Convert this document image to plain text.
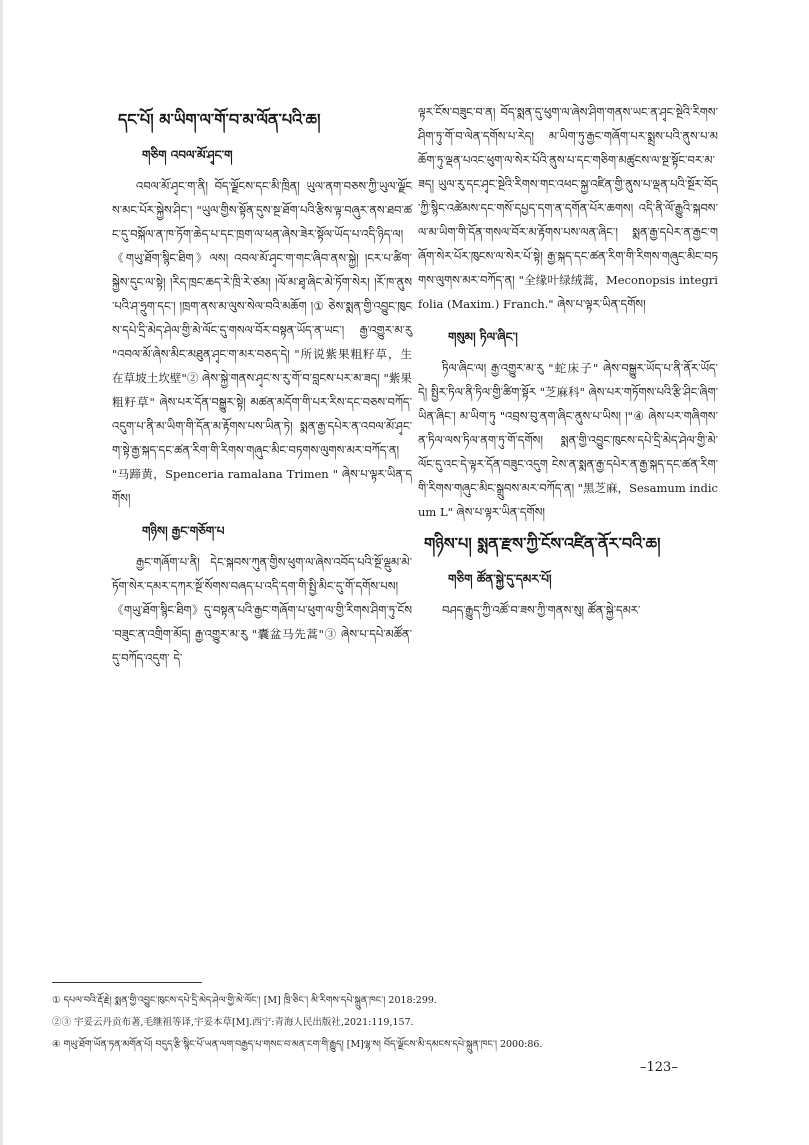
དང་པོ། མ་ཡིག་ལ་གོ་བ་མ་ལོན་པའི་ཆ།
གཅིག འབལ་མོ་ཤྭང་ག

འབལ་མོ་ཤྭང་ག་ནི། བོད་ལྗོངས་དང་མི་ཁྲིན། ཡུལ་ནག་བཅས་ཀྱི་ཡུལ་ལྗོངས་མང་པོར་སྐྱེས་ཤིང་། "ཡུལ་གྱིས་སྟོན་དུས་སྔ་ཐོག་པའི་རྩིས་ལྟ་བཞུར་ནས་ཐབ་ཚང་དུ་བསྐོལ་ན་ཁ་ཏོག་ཆེད་པ་དང་ཁྲག་ལ་ཕན་ཞེས་ཟེར་སྟོལ་ཡོད་པ་འདི་ཉིད་ལ། 《གཡུ་ཐོག་སྙིང་ཐིག》ལས། འབལ་མོ་ཤྭང་ག་གང་ཞིབ་ནས་སྐྱེ། །ངར་པ་ཚིག་སྐྱེས་དུང་ལ་སྟེ། །རིད་ཁྲང་ཆད་རེ་ཁྲི་རེ་ཙམ། །ལོ་མ་ཐྭ་ཞིང་མེ་ཏོག་སེར། །རོ་ཁ་ནུས་པའི་ཤ་ཧྲུག་དང་། །ཁྲག་ནས་མ་ལུས་སེལ་བའི་མཆོག །① ཅེས་སྨན་གྱི་འབྱུང་ཁུངས་དཔེ་དྲི་མེད་ཤེལ་གྱི་མེ་ལོང་དུ་གསལ་བོར་བསྟན་ཡོད་ན་ཡང་། རྒྱ་འགྱུར་མ་རུ "འབལ་མོ་ཞེས་མིང་མཐུན་ཤྭང་ག་མར་བཅད་དེ། "所说紫果粗籽草，生在草坡土坎壁"② ཞེས་སྐྱེ་གནས་ཤྭང་ས་རུ་གོ་བ་བླངས་པར་མ་ཟད། "紫果粗籽草" ཞེས་པར་དོན་བསྒྱུར་སྟེ། མཚན་མདོག་གི་པར་རིས་དང་བཅས་བཀོད་འདུག་པ་ནི་མ་ཡིག་གི་དོན་མ་རྟོགས་པས་ཡིན་ཏེ། སྨན་རྒྱ་དཔེར་ན་འབལ་མོ་ཤྭང་ག་སྟེ་རྒྱ་སྐད་དང་ཚན་རིག་གི་རིགས་གཞུང་མིང་བཏགས་ལུགས་མར་བཀོད་ན། "马蹄黄，Spenceria ramalana Trimen " ཞེས་པ་ལྟར་ཡིན་དགོས།

གཉིས། རྒྱང་གཅོག་པ

རྒྱང་གཞོག་པ་ནི། དེང་སྐབས་ཀུན་གྱིས་ཕུག་ལ་ཞེས་འབོད་པའི་སྔོ་ལྡུམ་མེ་ཏོག་སེར་དམར་དཀར་སྔོ་སོགས་བཞད་པ་འདི་དག་གི་སྤྱི་མིང་དུ་གོ་དགོས་པས། 《གཡུ་ཐོག་སྙིང་ཐིག》དུ་བསྟན་པའི་རྒྱང་གཞོག་པ་ཕུག་ལ་གྱི་རིགས་ཤིག་ཏུ་ངོས་བཟུང་ན་འགྲིག་མོད། རྒྱ་འགྱུར་མ་རུ "囊盆马先蒿"③ ཞེས་པ་དཔེ་མཚོན་དུ་བཀོད་འདུག་ དེ་

ལྟར་ངོས་བཟུང་བ་ན། བོད་སྨན་དུ་ཕུག་ལ་ཞེས་ཤིག་གནས་ཡང་ན་ཤྭང་སྔེའི་རིགས་ཤིག་ཏུ་གོ་བ་ལེན་དགོས་པ་རེད། མ་ཡིག་ཏུ་རྒྱང་གཞོག་པར་སྨྲས་པའི་ནུས་པ་མཆོག་ཏུ་ལྡན་པའང་ཕུག་ལ་སེར་པོའི་ནུས་པ་དང་གཅིག་མཚུངས་ལ་སྔ་སྟོང་བར་མ་ཟད། ཡུལ་རུ་དང་ཤྭང་སྔེའི་རིགས་གང་འཕང་སྐྱ་འཛིན་གྱི་ནུས་པ་ལྡན་པའི་སྔོར་བོད་ཀྱི་སྙིང་འཚེམས་དང་གསོ་དཔྱད་དག་ན་དགོན་པོར་ཆགས། འདི་ནི་ལོ་རྒྱུའི་སྐབས་ལ་མ་ཡིག་གི་དོན་གསལ་བོར་མ་རྟོགས་པས་ལན་ཞིང་། སྨན་རྒྱ་དཔེར་ན་རྒྱང་གཞོག་སེར་པོར་ཁུངས་ལ་སེར་པོ་སྟེ། རྒྱ་སྐད་དང་ཚན་རིག་གི་རིགས་གཞུང་མིང་བཏགས་ལུགས་མར་བཀོད་ན། "全缘叶绿绒蒿，Meconopsis integrifolia (Maxim.) Franch." ཞེས་པ་ལྟར་ཡིན་དགོས།

གསུམ། ཏིལ་ཞིང་།

ཏིལ་ཞིང་ལ། རྒྱ་འགྱུར་མ་རུ "蛇床子" ཞེས་བསྒྱུར་ཡོད་པ་ནི་ནོར་ཡོད་དེ། སྤྱིར་ཏིལ་ནི་ཏིལ་གྱི་ཚིག་སྟོར "芝麻科" ཞེས་པར་གཏོགས་པའི་རྩི་ཤིང་ཞིག་ཡིན་ཞིང་། མ་ཡིག་ཏུ "འབྲས་བུ་ནག་ཞིང་ནུས་པ་ཡིས། །"④ ཞེས་པར་གཞིགས་ན་ཏིལ་ལས་ཏིལ་ནག་ཏུ་གོ་དགོས། སྨན་གྱི་འབྱུང་ཁུངས་དཔེ་དྲི་མེད་ཤེལ་གྱི་མེ་ལོང་དུ་འང་དེ་ལྟར་དོན་བཟུང་འདུག ངེས་ན་སྨན་རྒྱ་དཔེར་ན་རྒྱ་སྐད་དང་ཚན་རིག་གི་རིགས་གཞུང་མིང་སྒྲུབས་མར་བཀོད་ན། "黑芝麻，Sesamum indicum L" ཞེས་པ་ལྟར་ཡིན་དགོས།

གཉིས་པ། སྨན་རྫས་ཀྱི་ངོས་འཛིན་ནོར་བའི་ཆ།
གཅིག ཚོན་སྐྱེ་དུ་དམར་པོ།

བཤད་རྒྱུད་ཀྱི་འཚོ་བ་ཟས་ཀྱི་གནས་སུ། ཚོན་སྐྱེ་དམར་

① དཔལ་བའི་རྡོ་རྗེ། སྨན་གྱི་འབྱུང་ཁུངས་དཔེ་དྲི་མེད་ཤེལ་གྱི་མེ་ལོང་། [M] ཁྲི་ཅིང་། མི་རིགས་དཔེ་སྐྲུན་ཁང་། 2018:299.

②③ 宇妥云丹贡布著,毛继祖等译,宇妥本草[M].西宁:青海人民出版社,2021:119,157.

④ གཡུ་ཐོག་ཡོན་ཏན་མགོན་པོ། བདུད་རྩི་སྙིང་པོ་ཡན་ལག་བརྒྱད་པ་གསང་བ་མན་ངག་གི་རྒྱུད། [M]ལྷ་ས། བོད་ལྗོངས་མི་དམངས་དཔེ་སྐྲུན་ཁང་། 2000:86.

–123–
